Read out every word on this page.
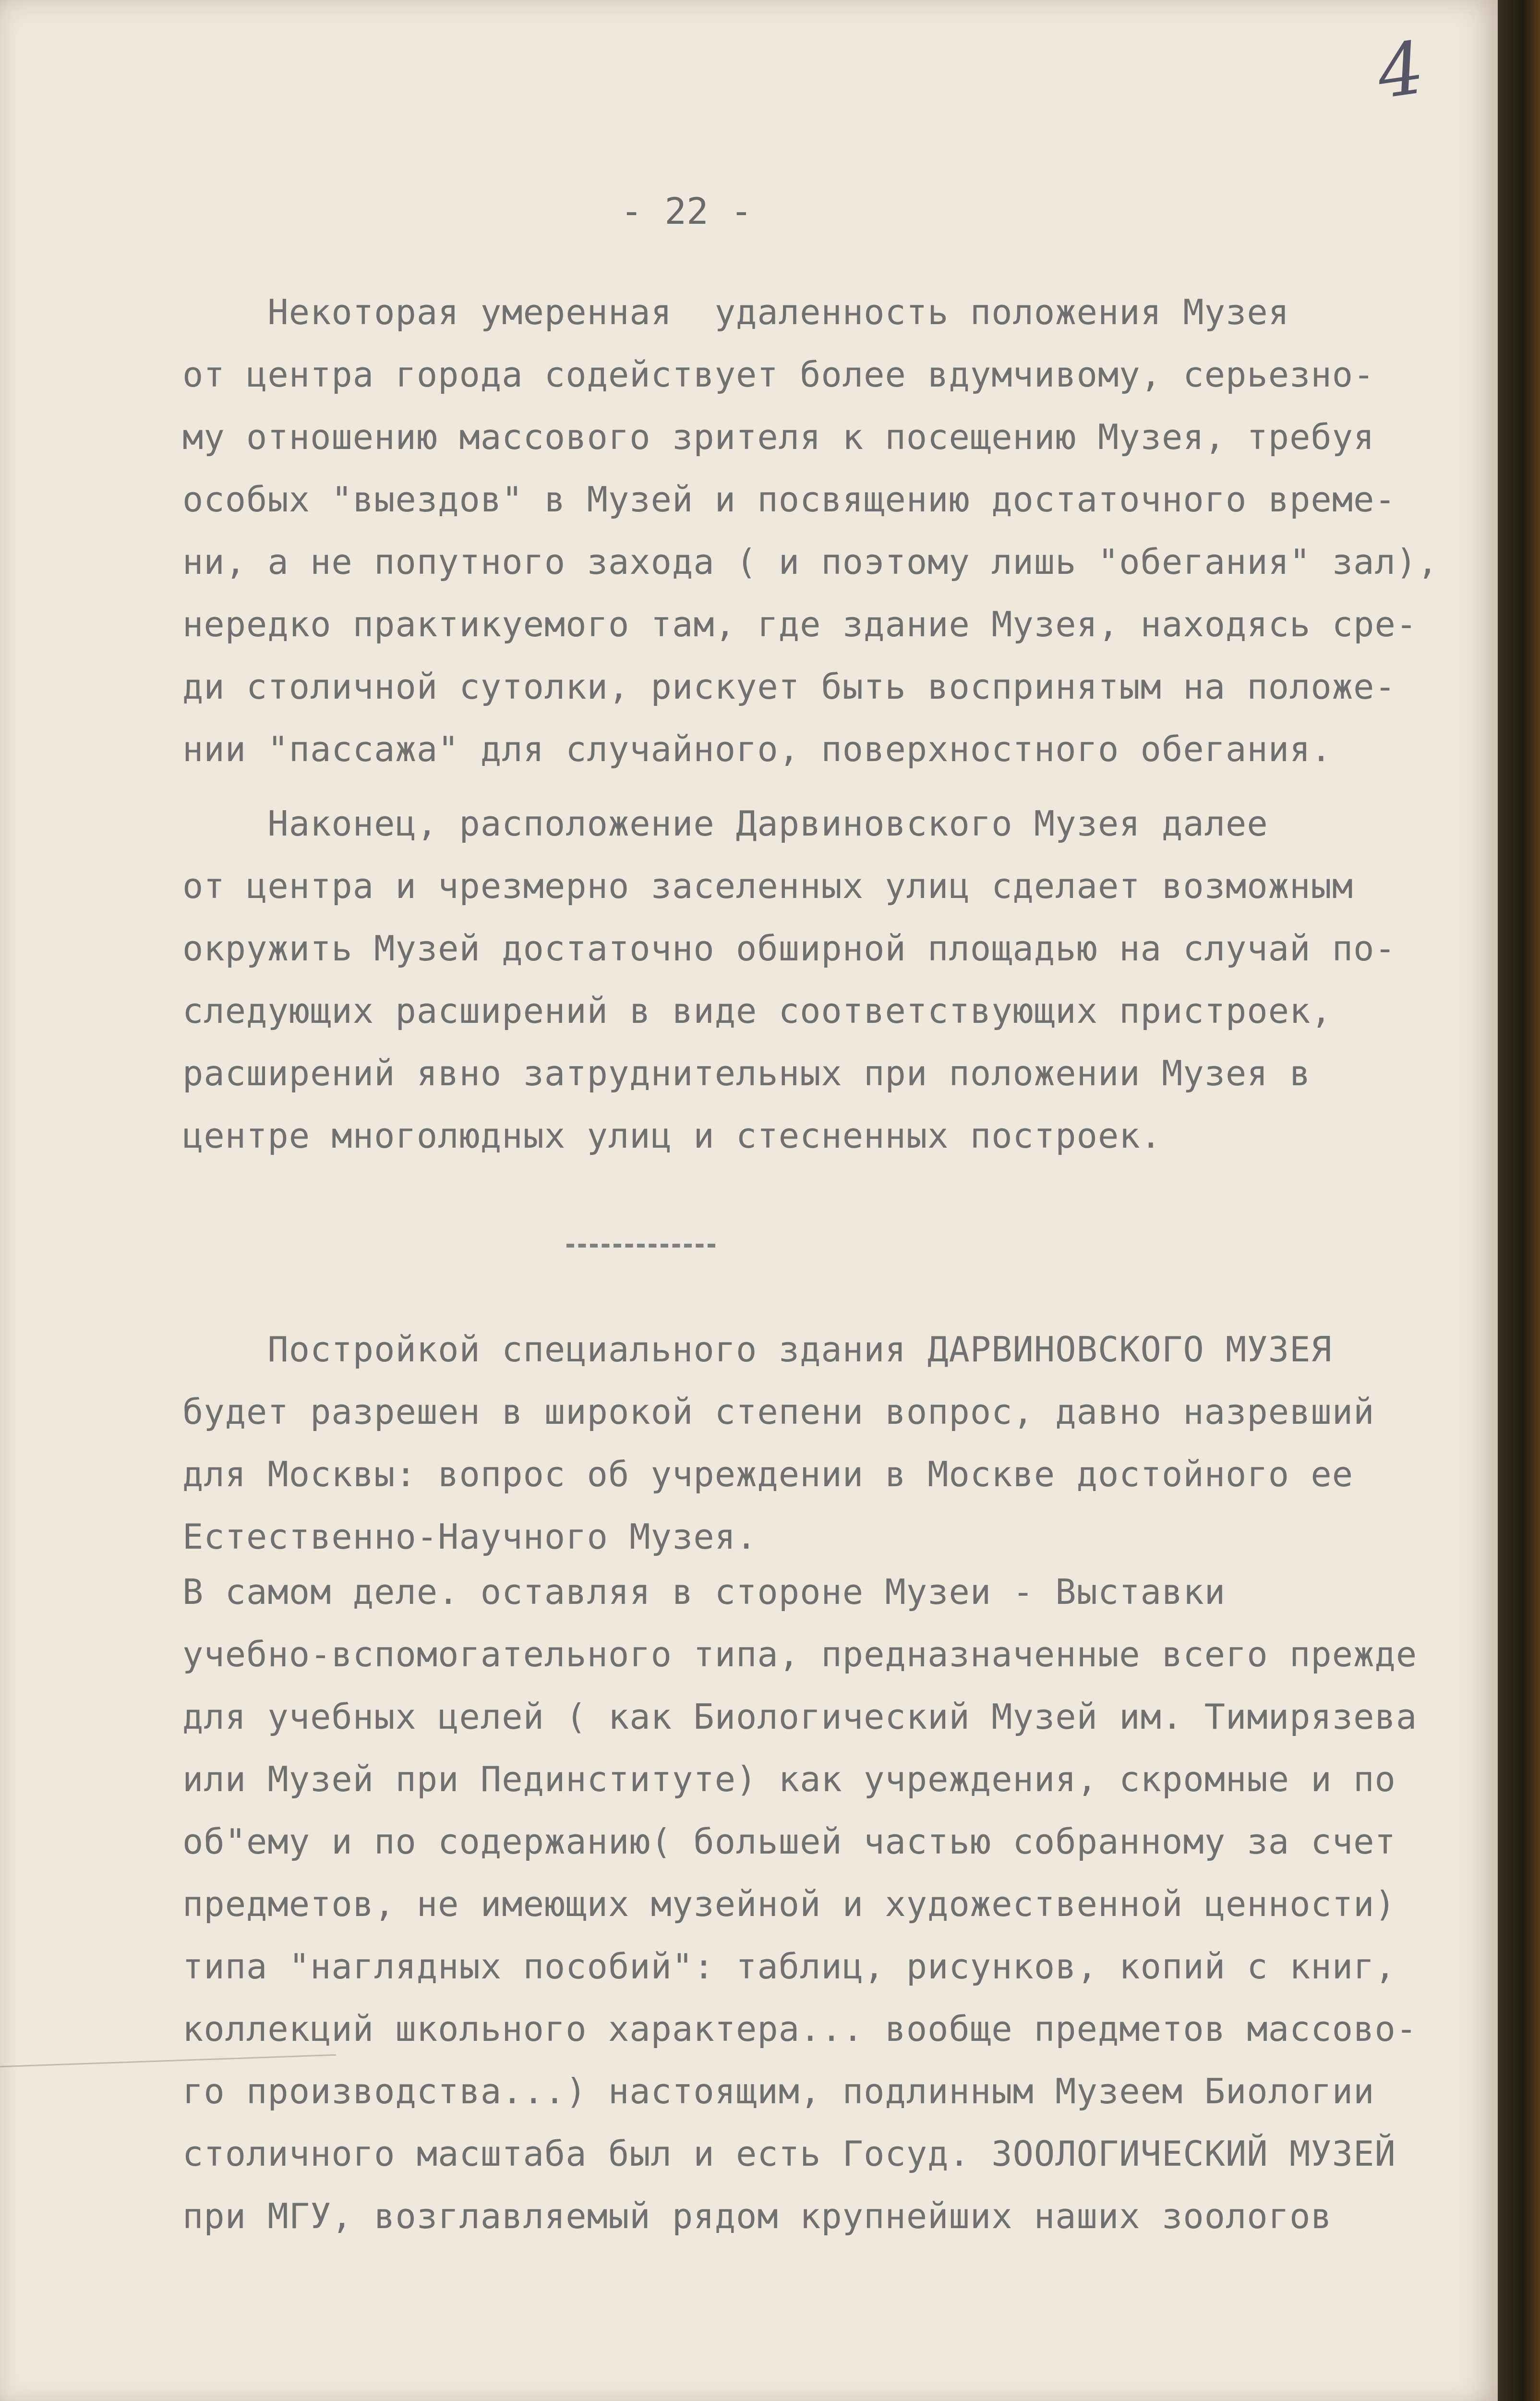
4
- 22 -
Некоторая умеренная  удаленность положения Музея
от центра города содействует более вдумчивому, серьезно-
му отношению массового зрителя к посещению Музея, требуя
особых "выездов" в Музей и посвящению достаточного време-
ни, а не попутного захода ( и поэтому лишь "обегания" зал),
нередко практикуемого там, где здание Музея, находясь сре-
ди столичной сутолки, рискует быть воспринятым на положе-
нии "пассажа" для случайного, поверхностного обегания.
Наконец, расположение Дарвиновского Музея далее
от центра и чрезмерно заселенных улиц сделает возможным
окружить Музей достаточно обширной площадью на случай по-
следующих расширений в виде соответствующих пристроек,
расширений явно затруднительных при положении Музея в
центре многолюдных улиц и стесненных построек.
Постройкой специального здания ДАРВИНОВСКОГО МУЗЕЯ
будет разрешен в широкой степени вопрос, давно назревший
для Москвы: вопрос об учреждении в Москве достойного ее
Естественно-Научного Музея.
В самом деле. оставляя в стороне Музеи - Выставки
учебно-вспомогательного типа, предназначенные всего прежде
для учебных целей ( как Биологический Музей им. Тимирязева
или Музей при Пединституте) как учреждения, скромные и по
об"ему и по содержанию( большей частью собранному за счет
предметов, не имеющих музейной и художественной ценности)
типа "наглядных пособий": таблиц, рисунков, копий с книг,
коллекций школьного характера... вообще предметов массово-
го производства...) настоящим, подлинным Музеем Биологии
столичного масштаба был и есть Госуд. ЗООЛОГИЧЕСКИЙ МУЗЕЙ
при МГУ, возглавляемый рядом крупнейших наших зоологов
